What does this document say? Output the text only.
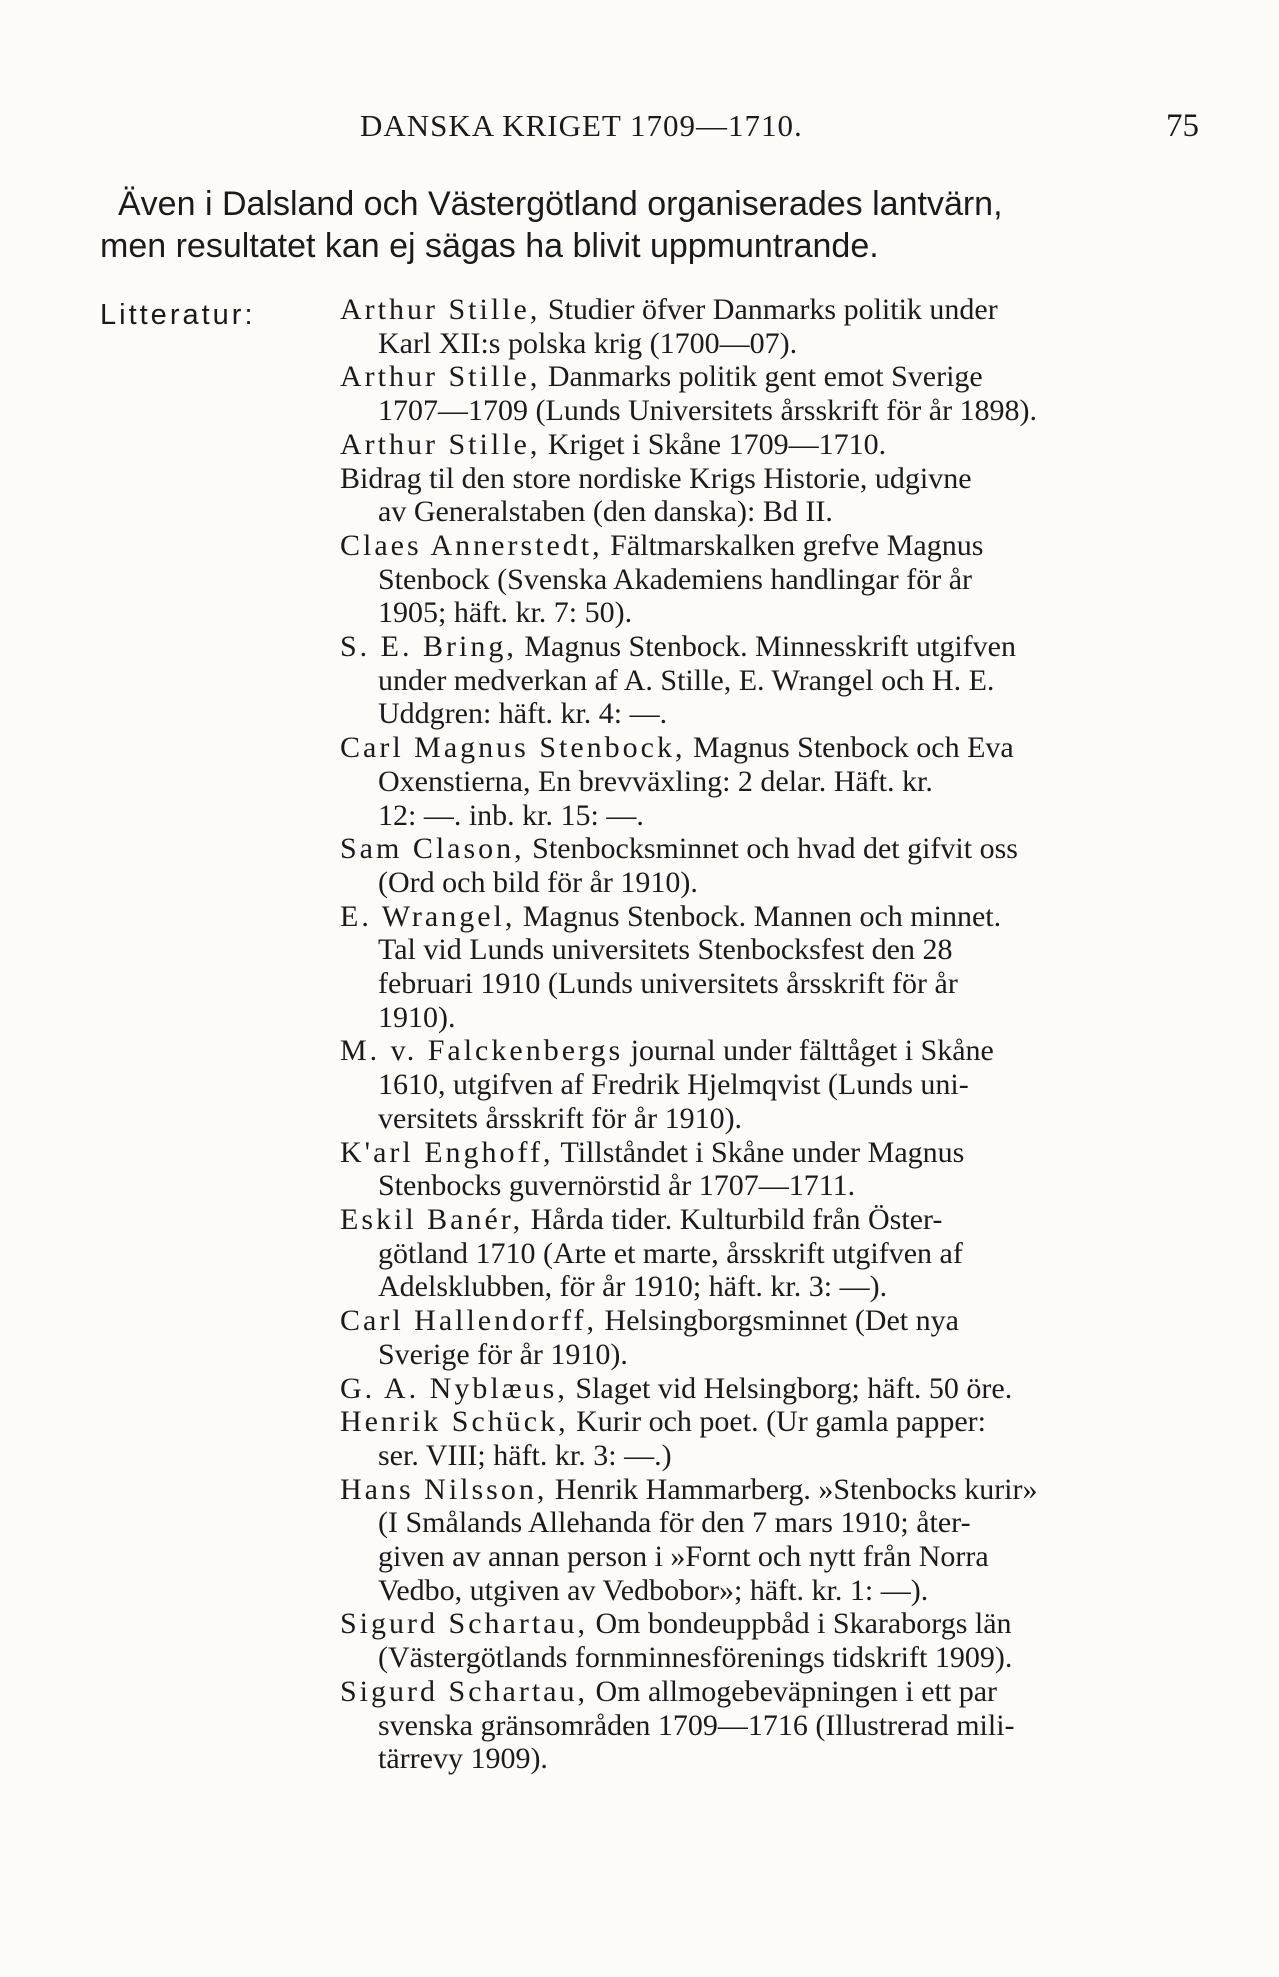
DANSKA KRIGET 1709—1710.	75
Även i Dalsland och Västergötland organiserades lantvärn,
men resultatet kan ej sägas ha blivit uppmuntrande.
Litteratur:	Arthur Stille, Studier öfver Danmarks politik under
Karl XII:s polska krig (1700—07).
Arthur Stille, Danmarks politik gent emot Sverige
1707—1709 (Lunds Universitets årsskrift för år 1898).
Arthur Stille, Kriget i Skåne 1709—1710.
Bidrag til den store nordiske Krigs Historie, udgivne
av Generalstaben (den danska): Bd II.
Claes Annerstedt, Fältmarskalken grefve Magnus
Stenbock (Svenska Akademiens handlingar för år
1905; häft. kr. 7: 50).
S. E. Bring, Magnus Stenbock. Minnesskrift utgifven
under medverkan af A. Stille, E. Wrangel och H. E.
Uddgren: häft. kr. 4: —.
Carl Magnus Stenbock, Magnus Stenbock och Eva
Oxenstierna, En brevväxling: 2 delar. Häft. kr.
12: —. inb. kr. 15: —.
Sam Clason, Stenbocksminnet och hvad det gifvit oss
(Ord och bild för år 1910).
E. Wrangel, Magnus Stenbock. Mannen och minnet.
Tal vid Lunds universitets Stenbocksfest den 28
februari 1910 (Lunds universitets årsskrift för år
1910).
M. v. Falckenbergs journal under fälttåget i Skåne
1610, utgifven af Fredrik Hjelmqvist (Lunds uni-
versitets årsskrift för år 1910).
K'arl Enghoff, Tillståndet i Skåne under Magnus
Stenbocks guvernörstid år 1707—1711.
Eskil Banér, Hårda tider. Kulturbild från Öster-
götland 1710 (Arte et marte, årsskrift utgifven af
Adelsklubben, för år 1910; häft. kr. 3: —).
Carl Hallendorff, Helsingborgsminnet (Det nya
Sverige för år 1910).
G. A. Nyblæus, Slaget vid Helsingborg; häft. 50 öre.
Henrik Schück, Kurir och poet. (Ur gamla papper:
ser. VIII; häft. kr. 3: —.)
Hans Nilsson, Henrik Hammarberg. »Stenbocks kurir»
(I Smålands Allehanda för den 7 mars 1910; åter-
given av annan person i »Fornt och nytt från Norra
Vedbo, utgiven av Vedbobor»; häft. kr. 1: —).
Sigurd Schartau, Om bondeuppbåd i Skaraborgs län
(Västergötlands fornminnesförenings tidskrift 1909).
Sigurd Schartau, Om allmogebeväpningen i ett par
svenska gränsområden 1709—1716 (Illustrerad mili-
tärrevy 1909).
